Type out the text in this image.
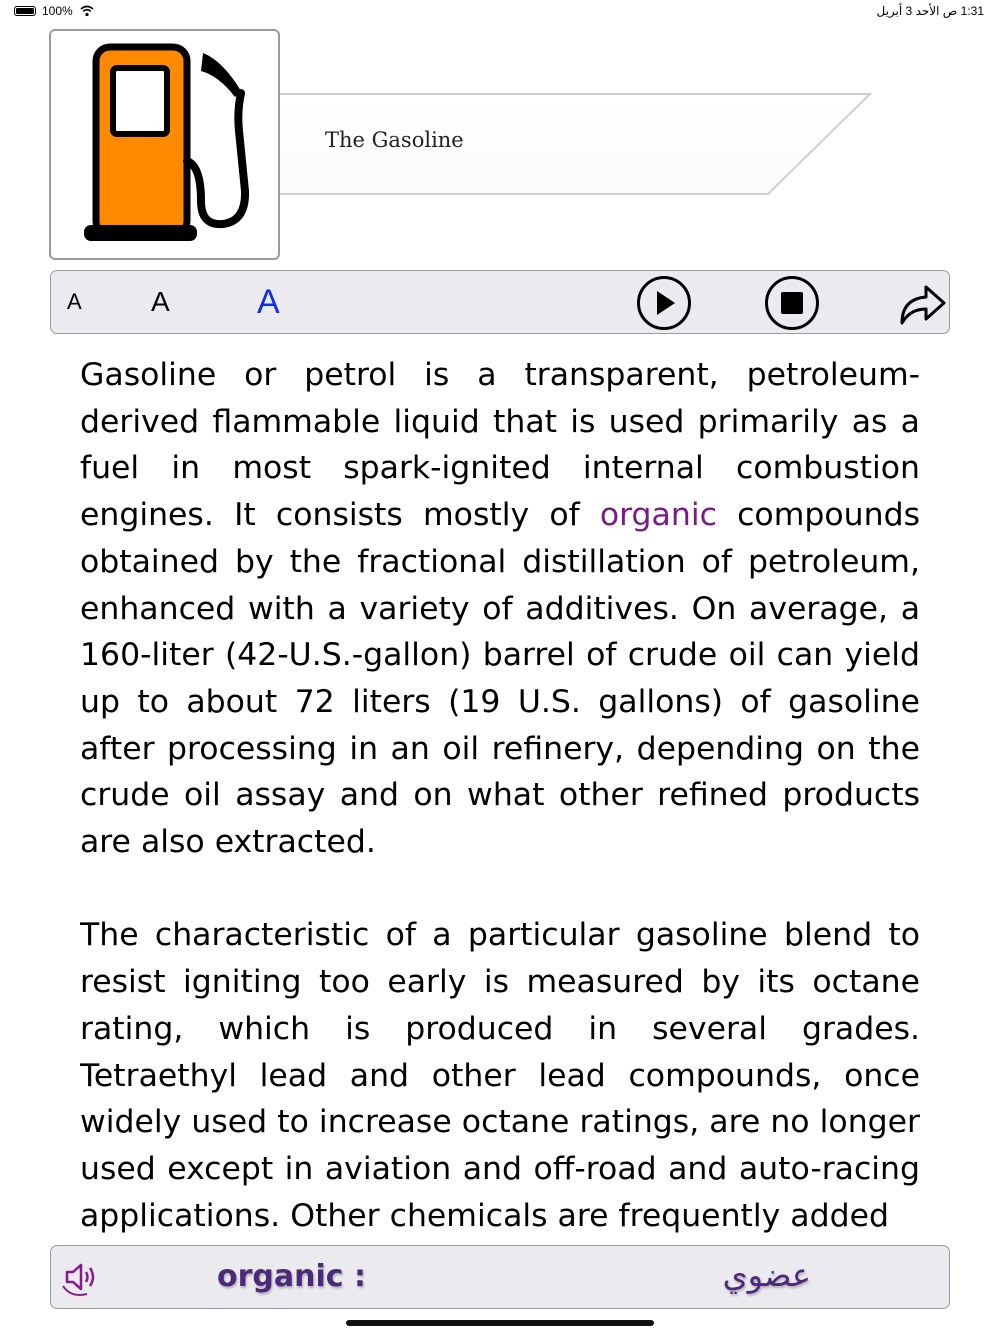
100%	1:31 ص الأحد 3 أبريل
The Gasoline
A A	A

Gasoline or petrol is a transparent, petroleum-derived flammable liquid that is used primarily as a fuel in most spark-ignited internal combustion engines. It consists mostly of organic compounds obtained by the fractional distillation of petroleum, enhanced with a variety of additives. On average, a 160-liter (42-U.S.-gallon) barrel of crude oil can yield up to about 72 liters (19 U.S. gallons) of gasoline after processing in an oil refinery, depending on the crude oil assay and on what other refined products are also extracted.

The characteristic of a particular gasoline blend to resist igniting too early is measured by its octane rating, which is produced in several grades. Tetraethyl lead and other lead compounds, once widely used to increase octane ratings, are no longer used except in aviation and off-road and auto-racing applications. Other chemicals are frequently added

organic :	عضوي
